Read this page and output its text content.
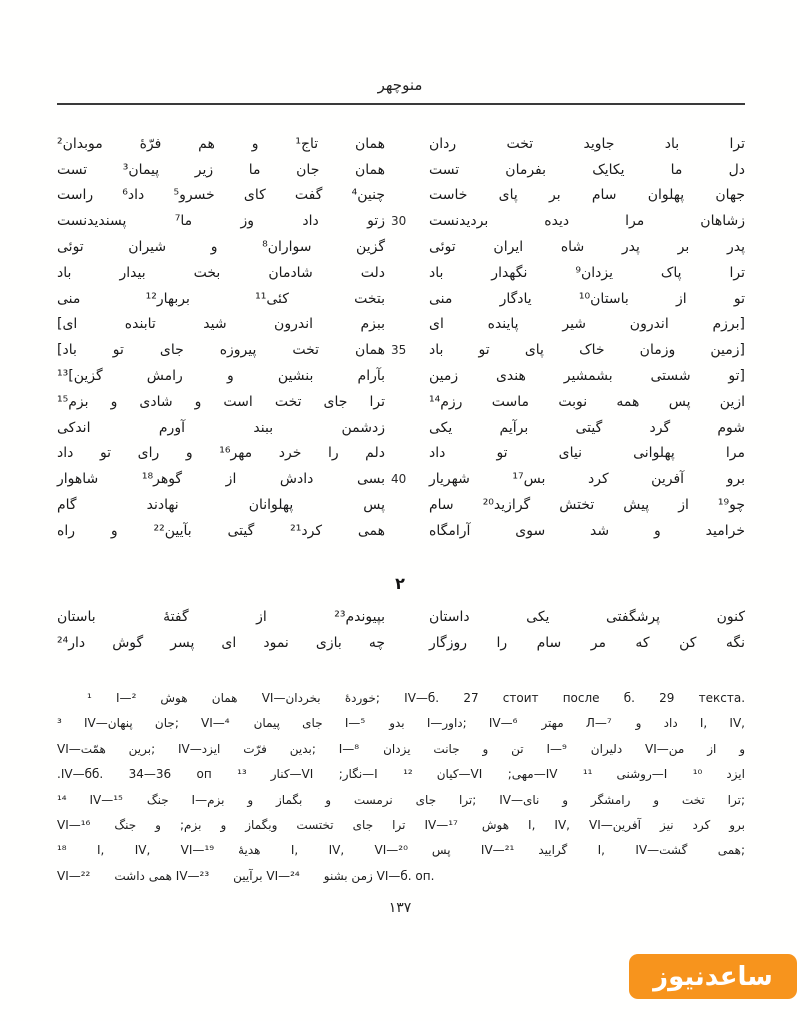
منوچهر
همان تاج¹ و هم فرّهٔ موبدان²	ترا باد جاوید تخت ردان
همان جان ما زیر پیمان³ تست	دل ما یکایک بفرمان تست
چنین⁴ گفت کای خسرو⁵ داد⁶ راست	جهان پهلوان سام بر پای خاست
زتو داد وز ما⁷ پسندیدنست 30	زشاهان مرا دیده بردیدنست
گزین سواران⁸ و شیران توئی	پدر بر پدر شاه ایران توئی
دلت شادمان بخت بیدار باد	ترا پاک یزدان⁹ نگهدار باد
بتخت کئی¹¹ بربهار¹² منی	تو از باستان¹⁰ یادگار منی
ببزم اندرون شید تابنده ای]	[برزم اندرون شیر پاینده ای
همان تخت پیروزه جای تو باد] 35	[زمین وزمان خاک پای تو باد
بآرام بنشین و رامش گزین]¹³	[تو شستی بشمشیر هندی زمین
ترا جای تخت است و شادی و بزم¹⁵	ازین پس همه نوبت ماست رزم¹⁴
زدشمن ببند آورم اندکی	شوم گرد گیتی برآیم یکی
دلم را خرد مهر¹⁶ و رای تو داد	مرا پهلوانی نیای تو داد
بسی دادش از گوهر¹⁸ شاهوار 40	برو آفرین کرد بس¹⁷ شهریار
پس پهلوانان نهادند گام	چو¹⁹ از پیش تختش گرازید²⁰ سام
همی کرد²¹ گیتی بآیین²² و راه	خرامید و شد سوی آرامگاه
۲
بپیوندم²³ از گفتهٔ باستان	کنون پرشگفتی یکی داستان
چه بازی نمود ای پسر گوش دار²⁴	نگه کن که مر سام را روزگار
¹ I—همان هوش  ² VI—خوردهٔ بخردان; IV—б. 27 стоит после б. 29 текста.
³ IV—جان پنهان; VI—جای پیمان  ⁴ I—بدو  ⁵ I—داور; IV—مهتر  ⁶ Л—داد و  ⁷ I, IV,
VI—برین همّت; IV—بدین فرّت ایزد; I—تن و جانت یزدان  ⁸ I—دلیران  ⁹ VI—و از من
ایزد  ¹⁰ I—روشنی  ¹¹ IV—مهی; VI—کیان  ¹² I—نگار; VI—کنار  ¹³ IV—бб. 34—36 оп.
¹⁴ IV—جنگ  ¹⁵ I—ترا جای نرمست و بگماز و بزم; IV—ترا تخت و رامشگر و نای;
VI—ترا جای تختست وبگماز و بزم; و جنگ  ¹⁶ IV—هوش  ¹⁷ I, IV, VI—برو کرد نیز آفرین
¹⁸ I, IV, VI—هدیهٔ  ¹⁹ I, IV, VI—پس  ²⁰ IV—گرایید  ²¹ I, IV—همی گشت;
VI—همی داشت  ²² IV—برآیین  ²³ VI—زمن بشنو  ²⁴ VI—б. оп.
۱۳۷
ساعدنیوز
